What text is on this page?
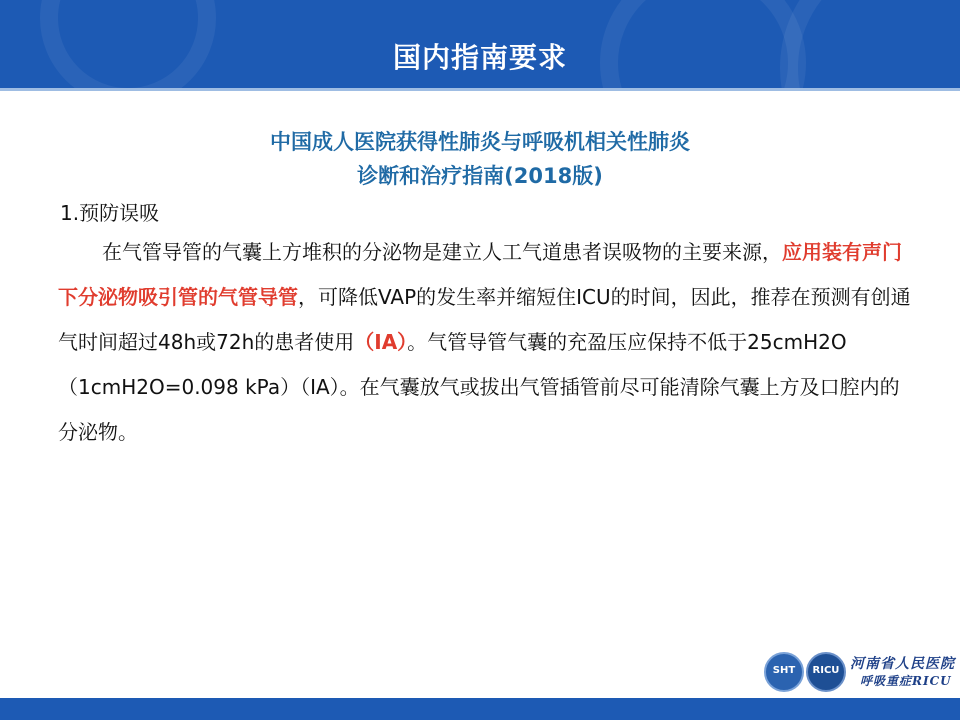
国内指南要求
中国成人医院获得性肺炎与呼吸机相关性肺炎
诊断和治疗指南(2018版)
1.预防误吸
在气管导管的气囊上方堆积的分泌物是建立人工气道患者误吸物的主要来源，应用装有声门下分泌物吸引管的气管导管，可降低VAP的发生率并缩短住ICU的时间，因此，推荐在预测有创通气时间超过48h或72h的患者使用（ⅠA）。气管导管气囊的充盈压应保持不低于25cmH2O（1cmH2O=0.098 kPa）（ⅠA）。在气囊放气或拔出气管插管前尽可能清除气囊上方及口腔内的分泌物。
SHT	RICU 河南省人民医院
呼吸重症RICU
